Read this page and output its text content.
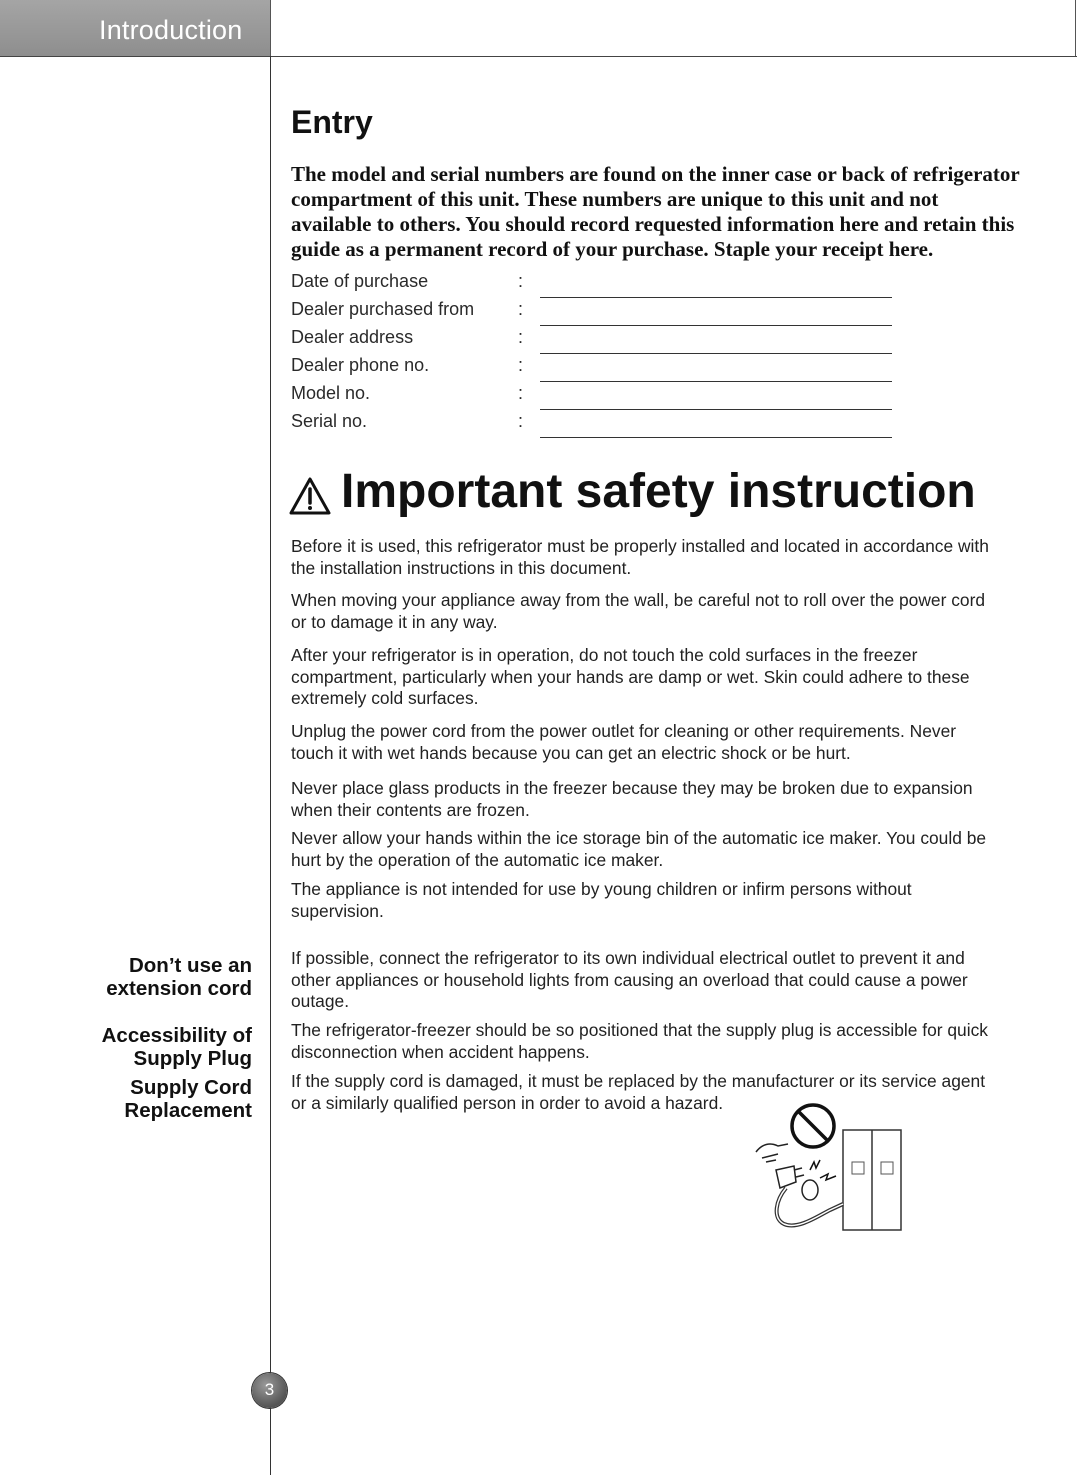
Introduction
Entry
The model and serial numbers are found on the inner case or back of refrigerator compartment of this unit. These numbers are unique to this unit and not available to others. You should record requested information here and retain this guide as a permanent record of your purchase. Staple your receipt here.
Date of purchase	:
Dealer purchased from :
Dealer address	:
Dealer phone no.	:
Model no.	:
Serial no.	:
Important safety instruction
Before it is used, this refrigerator must be properly installed and located in accordance with the installation instructions in this document.
When moving your appliance away from the wall, be careful not to roll over the power cord or to damage it in any way.
After your refrigerator is in operation, do not touch the cold surfaces in the freezer compartment, particularly when your hands are damp or wet. Skin could adhere to these extremely cold surfaces.
Unplug the power cord from the power outlet for cleaning or other requirements. Never touch it with wet hands because you can get an electric shock or be hurt.
Never place glass products in the freezer because they may be broken due to expansion when their contents are frozen.
Never allow your hands within the ice storage bin of the automatic ice maker. You could be hurt by the operation of the automatic ice maker.
The appliance is not intended for use by young children or infirm persons without supervision.
If possible, connect the refrigerator to its own individual electrical outlet to prevent it and other appliances or household lights from causing an overload that could cause a power outage.
The refrigerator-freezer should be so positioned that the supply plug is accessible for quick disconnection when accident happens.
If the supply cord is damaged, it must be replaced by the manufacturer or its service agent or a similarly qualified person in order to avoid a hazard.
Don’t use an
extension cord
Accessibility of
Supply Plug
Supply Cord
Replacement
3
